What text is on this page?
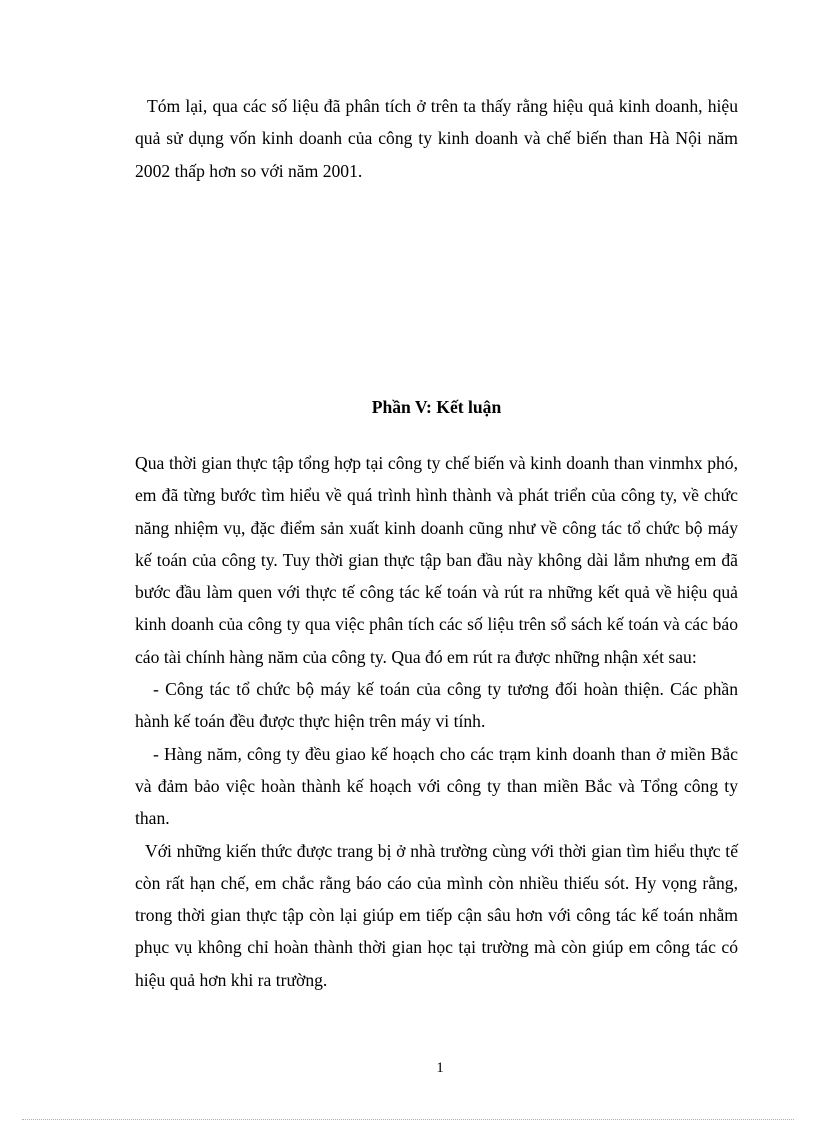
Tóm lại, qua các số liệu đã phân tích ở trên ta thấy rằng hiệu quả kinh doanh, hiệu quả sử dụng vốn kinh doanh của công ty kinh doanh và chế biến than Hà Nội năm 2002 thấp hơn so với năm 2001.

Phần V: Kết luận

Qua thời gian thực tập tổng hợp tại công ty chế biến và kinh doanh than vinmhx phó, em đã từng bước tìm hiểu về quá trình hình thành và phát triển của công ty, về chức năng nhiệm vụ, đặc điểm sản xuất kinh doanh cũng như về công tác tổ chức bộ máy kế toán của công ty. Tuy thời gian thực tập ban đầu này không dài lắm nhưng em đã bước đầu làm quen với thực tế công tác kế toán và rút ra những kết quả về hiệu quả kinh doanh của công ty qua việc phân tích các số liệu trên sổ sách kế toán và các báo cáo tài chính hàng năm của công ty. Qua đó em rút ra được những nhận xét sau:

- Công tác tổ chức bộ máy kế toán của công ty tương đối hoàn thiện. Các phần hành kế toán đều được thực hiện trên máy vi tính.

- Hàng năm, công ty đều giao kế hoạch cho các trạm kinh doanh than ở miền Bắc và đảm bảo việc hoàn thành kế hoạch với công ty than miền Bắc và Tổng công ty than.

Với những kiến thức được trang bị ở nhà trường cùng với thời gian tìm hiểu thực tế còn rất hạn chế, em chắc rằng báo cáo của mình còn nhiều thiếu sót. Hy vọng rằng, trong thời gian thực tập còn lại giúp em tiếp cận sâu hơn với công tác kế toán nhằm phục vụ không chỉ hoàn thành thời gian học tại trường mà còn giúp em công tác có hiệu quả hơn khi ra trường.

1
